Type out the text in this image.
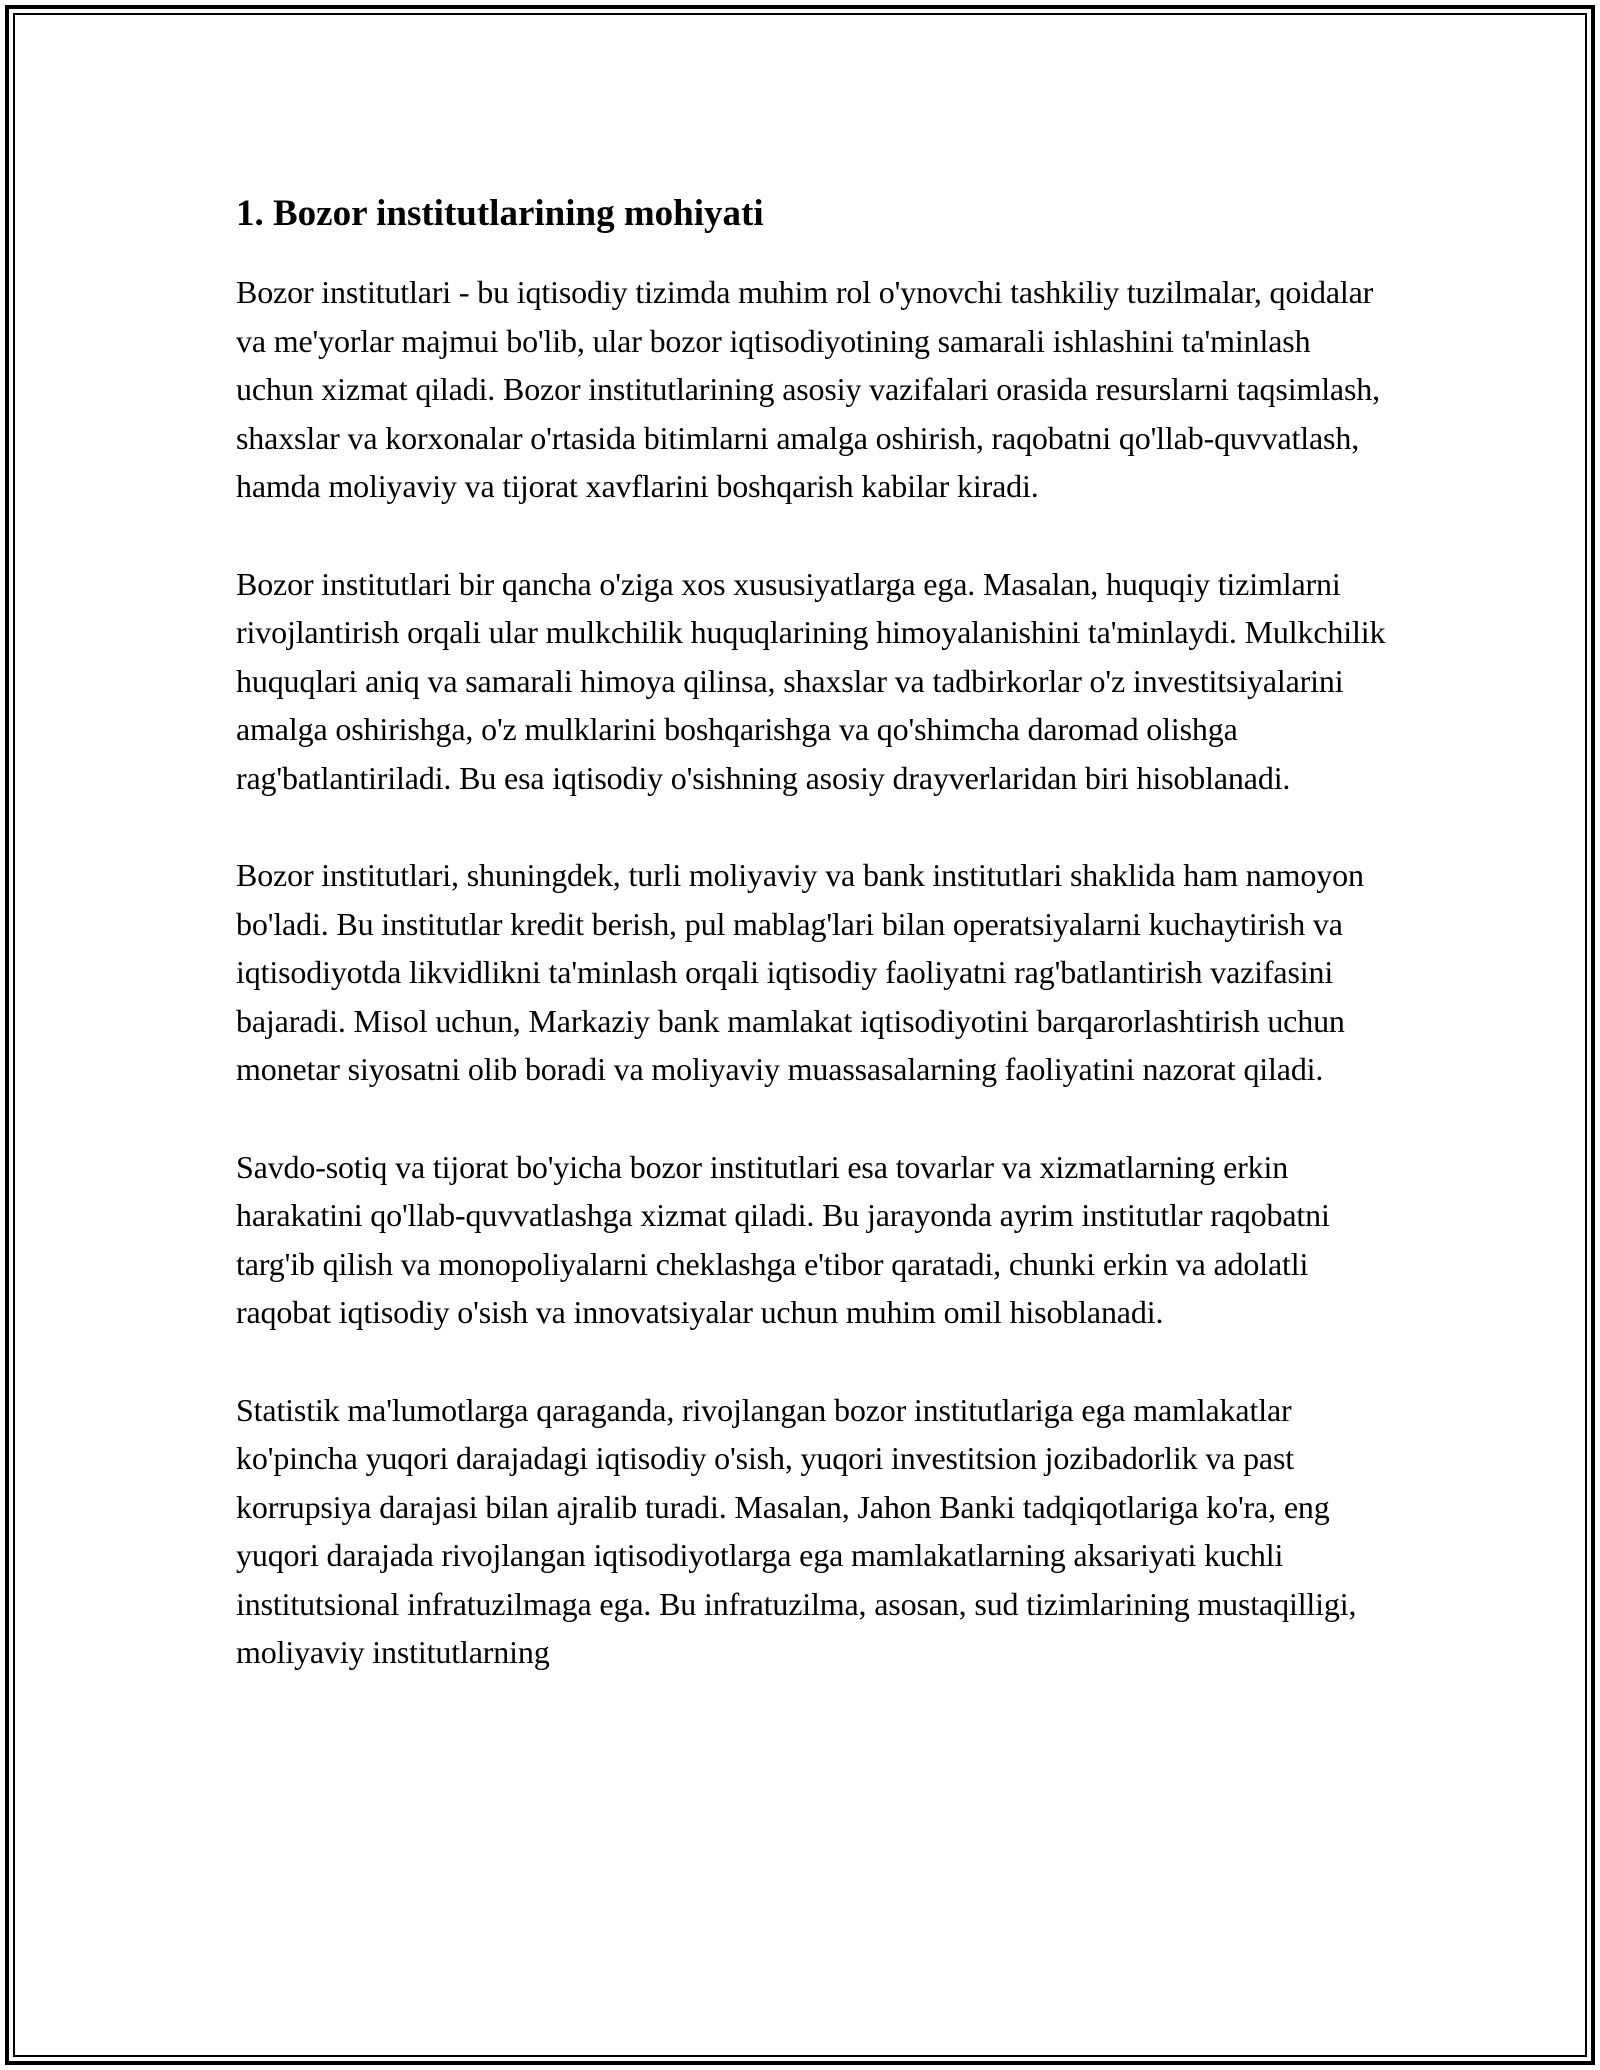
1. Bozor institutlarining mohiyati

Bozor institutlari - bu iqtisodiy tizimda muhim rol o'ynovchi tashkiliy tuzilmalar, qoidalar va me'yorlar majmui bo'lib, ular bozor iqtisodiyotining samarali ishlashini ta'minlash uchun xizmat qiladi. Bozor institutlarining asosiy vazifalari orasida resurslarni taqsimlash, shaxslar va korxonalar o'rtasida bitimlarni amalga oshirish, raqobatni qo'llab-quvvatlash, hamda moliyaviy va tijorat xavflarini boshqarish kabilar kiradi.

Bozor institutlari bir qancha o'ziga xos xususiyatlarga ega. Masalan, huquqiy tizimlarni rivojlantirish orqali ular mulkchilik huquqlarining himoyalanishini ta'minlaydi. Mulkchilik huquqlari aniq va samarali himoya qilinsa, shaxslar va tadbirkorlar o'z investitsiyalarini amalga oshirishga, o'z mulklarini boshqarishga va qo'shimcha daromad olishga rag'batlantiriladi. Bu esa iqtisodiy o'sishning asosiy drayverlaridan biri hisoblanadi.

Bozor institutlari, shuningdek, turli moliyaviy va bank institutlari shaklida ham namoyon bo'ladi. Bu institutlar kredit berish, pul mablag'lari bilan operatsiyalarni kuchaytirish va iqtisodiyotda likvidlikni ta'minlash orqali iqtisodiy faoliyatni rag'batlantirish vazifasini bajaradi. Misol uchun, Markaziy bank mamlakat iqtisodiyotini barqarorlashtirish uchun monetar siyosatni olib boradi va moliyaviy muassasalarning faoliyatini nazorat qiladi.

Savdo-sotiq va tijorat bo'yicha bozor institutlari esa tovarlar va xizmatlarning erkin harakatini qo'llab-quvvatlashga xizmat qiladi. Bu jarayonda ayrim institutlar raqobatni targ'ib qilish va monopoliyalarni cheklashga e'tibor qaratadi, chunki erkin va adolatli raqobat iqtisodiy o'sish va innovatsiyalar uchun muhim omil hisoblanadi.

Statistik ma'lumotlarga qaraganda, rivojlangan bozor institutlariga ega mamlakatlar ko'pincha yuqori darajadagi iqtisodiy o'sish, yuqori investitsion jozibadorlik va past korrupsiya darajasi bilan ajralib turadi. Masalan, Jahon Banki tadqiqotlariga ko'ra, eng yuqori darajada rivojlangan iqtisodiyotlarga ega mamlakatlarning aksariyati kuchli institutsional infratuzilmaga ega. Bu infratuzilma, asosan, sud tizimlarining mustaqilligi, moliyaviy institutlarning
